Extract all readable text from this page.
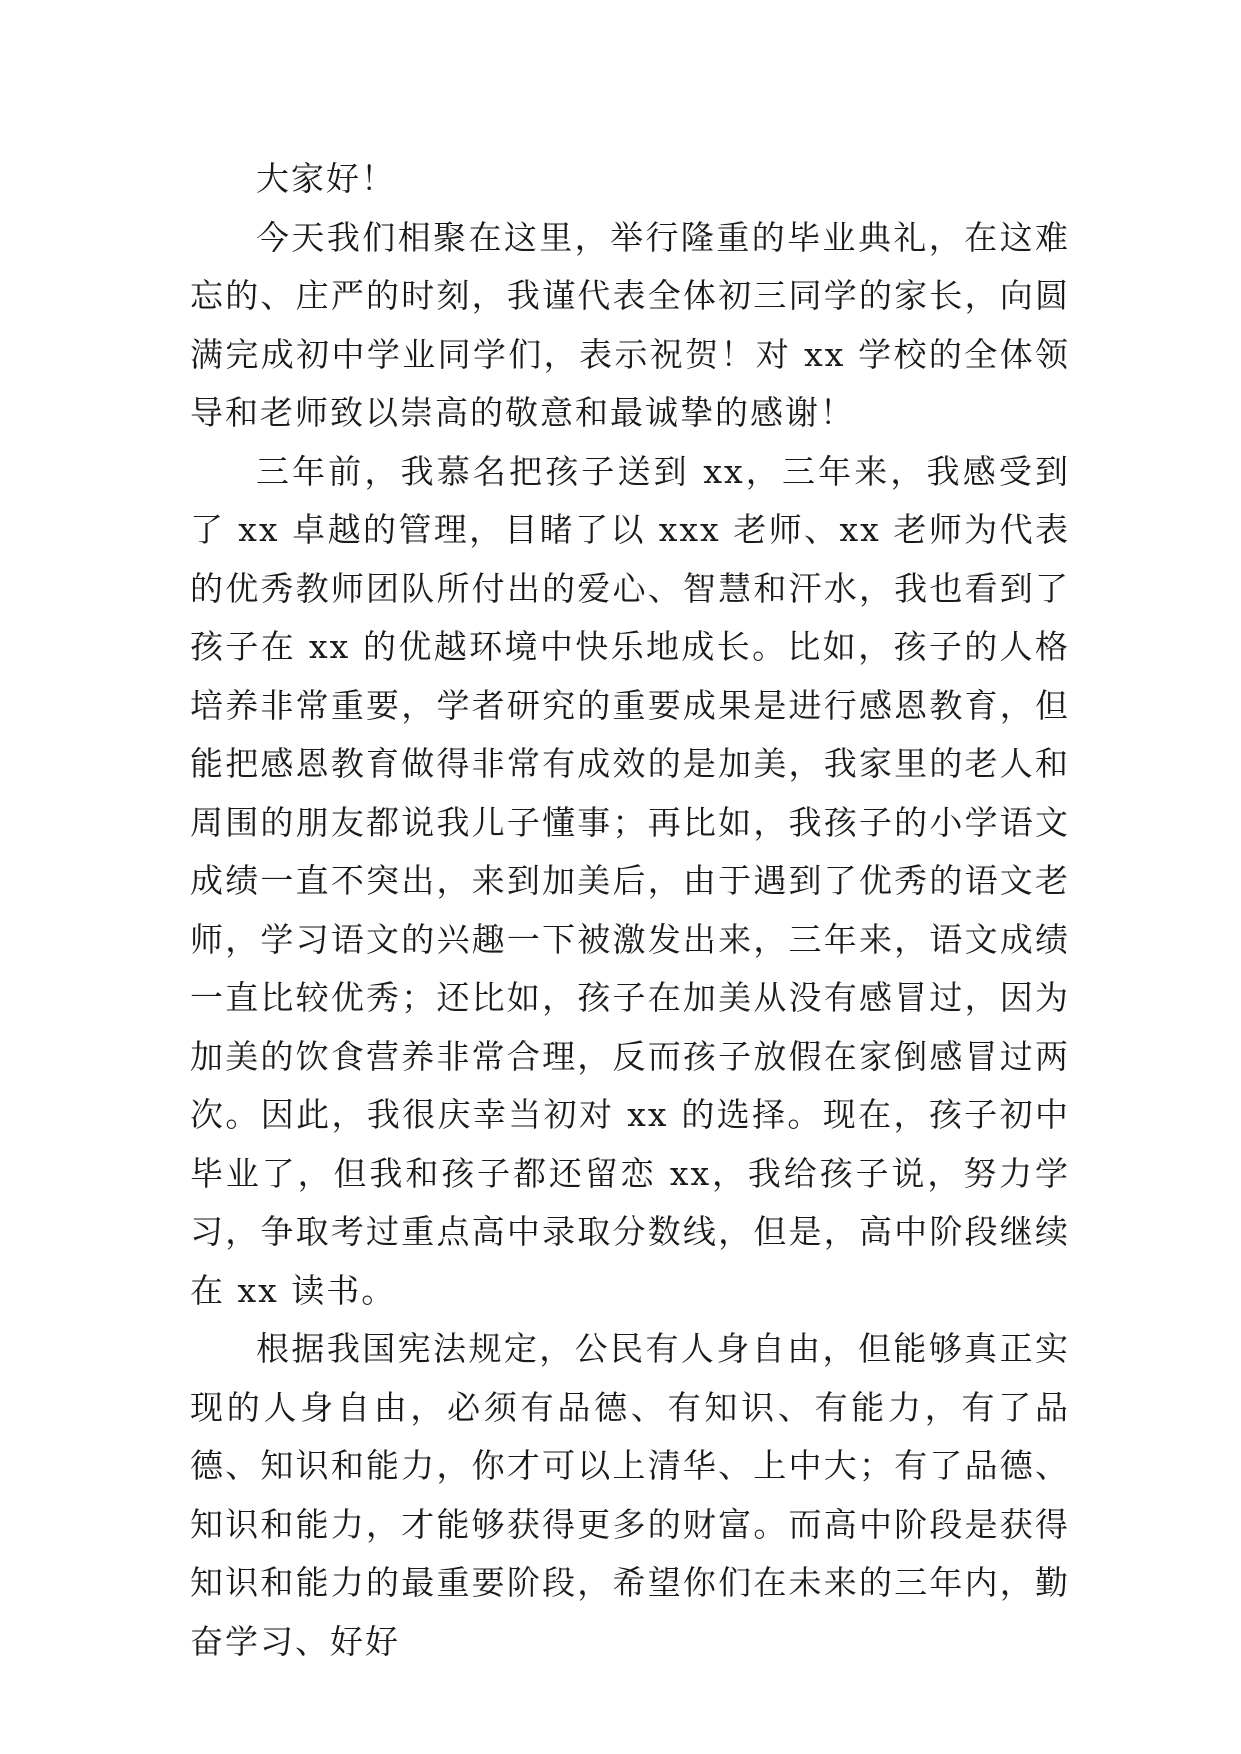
大家好！

今天我们相聚在这里，举行隆重的毕业典礼，在这难忘的、庄严的时刻，我谨代表全体初三同学的家长，向圆满完成初中学业同学们，表示祝贺！对 xx 学校的全体领导和老师致以崇高的敬意和最诚挚的感谢！

三年前，我慕名把孩子送到 xx，三年来，我感受到了 xx 卓越的管理，目睹了以 xxx 老师、xx 老师为代表的优秀教师团队所付出的爱心、智慧和汗水，我也看到了孩子在 xx 的优越环境中快乐地成长。比如，孩子的人格培养非常重要，学者研究的重要成果是进行感恩教育，但能把感恩教育做得非常有成效的是加美，我家里的老人和周围的朋友都说我儿子懂事；再比如，我孩子的小学语文成绩一直不突出，来到加美后，由于遇到了优秀的语文老师，学习语文的兴趣一下被激发出来，三年来，语文成绩一直比较优秀；还比如，孩子在加美从没有感冒过，因为加美的饮食营养非常合理，反而孩子放假在家倒感冒过两次。因此，我很庆幸当初对 xx 的选择。现在，孩子初中毕业了，但我和孩子都还留恋 xx，我给孩子说，努力学习，争取考过重点高中录取分数线，但是，高中阶段继续在 xx 读书。

根据我国宪法规定，公民有人身自由，但能够真正实现的人身自由，必须有品德、有知识、有能力，有了品德、知识和能力，你才可以上清华、上中大；有了品德、知识和能力，才能够获得更多的财富。而高中阶段是获得知识和能力的最重要阶段，希望你们在未来的三年内，勤奋学习、好好
